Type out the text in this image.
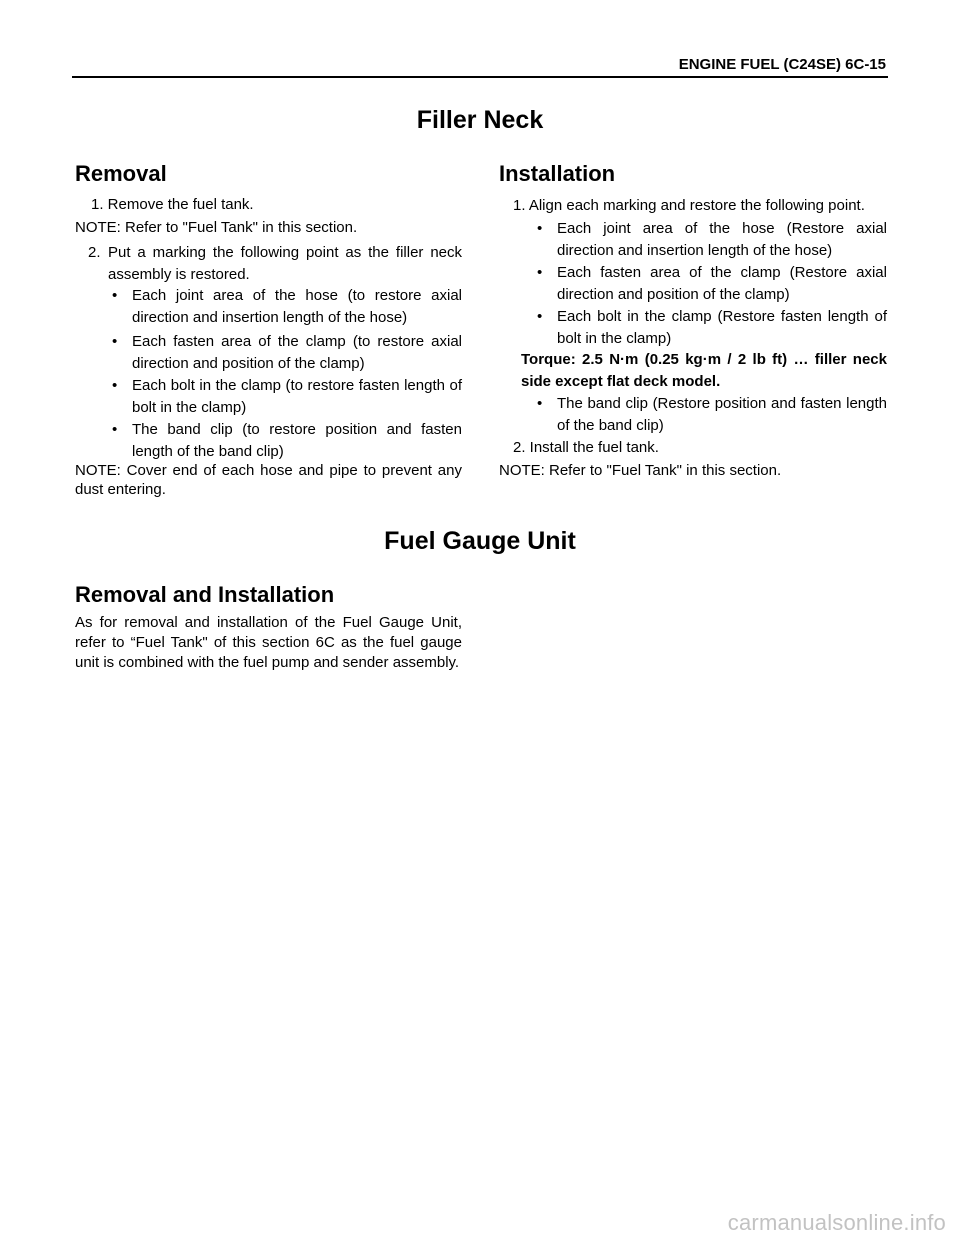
ENGINE FUEL (C24SE) 6C-15
Filler Neck
Removal
1. Remove the fuel tank.
NOTE: Refer to "Fuel Tank" in this section.
2. Put a marking the following point as the filler neck assembly is restored.
• Each joint area of the hose (to restore axial direction and insertion length of the hose)
• Each fasten area of the clamp (to restore axial direction and position of the clamp)
• Each bolt in the clamp (to restore fasten length of bolt in the clamp)
• The band clip (to restore position and fasten length of the band clip)
NOTE: Cover end of each hose and pipe to prevent any dust entering.
Installation
1. Align each marking and restore the following point.
• Each joint area of the hose (Restore axial direction and insertion length of the hose)
• Each fasten area of the clamp (Restore axial direction and position of the clamp)
• Each bolt in the clamp (Restore fasten length of bolt in the clamp)
Torque: 2.5 N·m (0.25 kg·m / 2 lb ft) … filler neck side except flat deck model.
• The band clip (Restore position and fasten length of the band clip)
2. Install the fuel tank.
NOTE: Refer to "Fuel Tank" in this section.
Fuel Gauge Unit
Removal and Installation
As for removal and installation of the Fuel Gauge Unit, refer to “Fuel Tank" of this section 6C as the fuel gauge unit is combined with the fuel pump and sender assembly.
carmanualsonline.info
